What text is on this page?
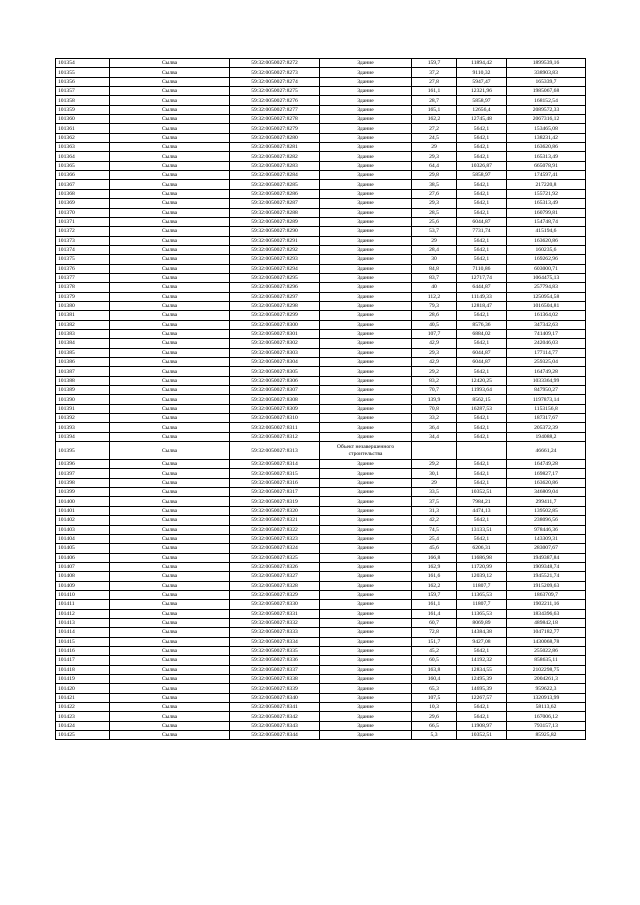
101354	Сылва	59:32:0050027:8272	Здание	159,7	11894,42	1899539,16
101355	Сылва	59:32:0050027:8273	Здание	37,2	9110,32	338903,83
101356	Сылва	59:32:0050027:8274	Здание	27,8	5947,47	165339,7
101357	Сылва	59:32:0050027:8275	Здание	161,1	12321,96	1985067,68
101358	Сылва	59:32:0050027:8276	Здание	28,7	5858,97	168152,54
101359	Сылва	59:32:0050027:8277	Здание	165,1	12656,4	2089572,33
101360	Сылва	59:32:0050027:8278	Здание	162,2	12745,48	2067316,12
101361	Сылва	59:32:0050027:8279	Здание	27,2	5642,1	153465,08
101362	Сылва	59:32:0050027:8280	Здание	24,5	5642,1	138231,42
101363	Сылва	59:32:0050027:8281	Здание	29	5642,1	163620,86
101364	Сылва	59:32:0050027:8282	Здание	29,3	5642,1	165313,49
101365	Сылва	59:32:0050027:8283	Здание	64,4	10326,87	665078,91
101366	Сылва	59:32:0050027:8284	Здание	29,8	5858,97	174597,41
101367	Сылва	59:32:0050027:8285	Здание	38,5	5642,1	217220,8
101368	Сылва	59:32:0050027:8286	Здание	27,6	5642,1	155721,92
101369	Сылва	59:32:0050027:8287	Здание	29,3	5642,1	165313,49
101370	Сылва	59:32:0050027:8288	Здание	28,5	5642,1	160799,81
101371	Сылва	59:32:0050027:8289	Здание	25,6	6044,87	154748,74
101372	Сылва	59:32:0050027:8290	Здание	53,7	7731,74	415194,6
101373	Сылва	59:32:0050027:8291	Здание	29	5642,1	163620,86
101374	Сылва	59:32:0050027:8292	Здание	28,4	5642,1	160235,6
101375	Сылва	59:32:0050027:8293	Здание	30	5642,1	169262,96
101376	Сылва	59:32:0050027:8294	Здание	84,8	7110,86	603000,71
101377	Сылва	59:32:0050027:8295	Здание	83,7	12717,74	1064475,13
101378	Сылва	59:32:0050027:8296	Здание	40	6444,87	257794,83
101379	Сылва	59:32:0050027:8297	Здание	112,2	11149,33	1250954,58
101380	Сылва	59:32:0050027:8298	Здание	79,3	12818,47	1016504,81
101381	Сылва	59:32:0050027:8299	Здание	28,6	5642,1	161364,02
101382	Сылва	59:32:0050027:8300	Здание	40,5	8576,36	347342,63
101383	Сылва	59:32:0050027:8301	Здание	107,7	6884,02	741409,17
101384	Сылва	59:32:0050027:8302	Здание	42,9	5642,1	242046,03
101385	Сылва	59:32:0050027:8303	Здание	29,3	6044,87	177114,77
101386	Сылва	59:32:0050027:8304	Здание	42,9	6044,87	259325,04
101387	Сылва	59:32:0050027:8305	Здание	29,2	5642,1	164749,28
101388	Сылва	59:32:0050027:8306	Здание	83,2	12420,25	1033364,99
101389	Сылва	59:32:0050027:8307	Здание	70,7	11993,64	847950,27
101390	Сылва	59:32:0050027:8308	Здание	139,9	8562,15	1197873,14
101391	Сылва	59:32:0050027:8309	Здание	70,8	16287,53	1153156,8
101392	Сылва	59:32:0050027:8310	Здание	33,2	5642,1	187317,67
101393	Сылва	59:32:0050027:8311	Здание	36,4	5642,1	205372,39
101394	Сылва	59:32:0050027:8312	Здание	34,4	5642,1	194088,2
101395	Сылва	59:32:0050027:8313	Объект незавершенного строительства			46661,24
101396	Сылва	59:32:0050027:8314	Здание	29,2	5642,1	164749,28
101397	Сылва	59:32:0050027:8315	Здание	30,1	5642,1	169827,17
101398	Сылва	59:32:0050027:8316	Здание	29	5642,1	163620,86
101399	Сылва	59:32:0050027:8317	Здание	33,5	10352,51	346809,04
101400	Сылва	59:32:0050027:8319	Здание	37,5	7984,21	299411,7
101401	Сылва	59:32:0050027:8320	Здание	31,3	4474,13	139502,85
101402	Сылва	59:32:0050027:8321	Здание	42,2	5642,1	238096,56
101403	Сылва	59:32:0050027:8322	Здание	74,5	13133,51	978446,36
101404	Сылва	59:32:0050027:8323	Здание	25,4	5642,1	143309,31
101405	Сылва	59:32:0050027:8324	Здание	45,6	6206,31	283007,67
101406	Сылва	59:32:0050027:8325	Здание	166,8	11686,98	1949387,84
101407	Сылва	59:32:0050027:8326	Здание	162,9	11720,99	1909348,74
101408	Сылва	59:32:0050027:8327	Здание	161,6	12039,12	1945521,74
101409	Сылва	59:32:0050027:8328	Здание	162,2	11807,7	1915209,63
101410	Сылва	59:32:0050027:8329	Здание	159,7	11365,53	1863709,7
101411	Сылва	59:32:0050027:8330	Здание	161,1	11807,7	1902211,16
101412	Сылва	59:32:0050027:8331	Здание	161,4	11365,53	1834396,63
101413	Сылва	59:32:0050027:8332	Здание	60,7	8069,89	489842,18
101414	Сылва	59:32:0050027:8333	Здание	72,8	14384,38	1047182,77
101415	Сылва	59:32:0050027:8334	Здание	151,7	9427,08	1430068,78
101416	Сылва	59:32:0050027:8335	Здание	45,2	5642,1	255022,86
101417	Сылва	59:32:0050027:8336	Здание	60,5	14192,32	858635,11
101418	Сылва	59:32:0050027:8337	Здание	163,8	12834,55	2102298,75
101419	Сылва	59:32:0050027:8338	Здание	160,4	12495,39	2004261,3
101420	Сылва	59:32:0050027:8339	Здание	65,3	14695,39	959622,3
101421	Сылва	59:32:0050027:8340	Здание	107,5	12267,57	1320913,99
101422	Сылва	59:32:0050027:8341	Здание	10,3	5642,1	58113,62
101423	Сылва	59:32:0050027:8342	Здание	29,6	5642,1	167006,12
101424	Сылва	59:32:0050027:8343	Здание	66,5	11908,97	793157,13
101425	Сылва	59:32:0050027:8344	Здание	5,3	10352,51	85925,82
